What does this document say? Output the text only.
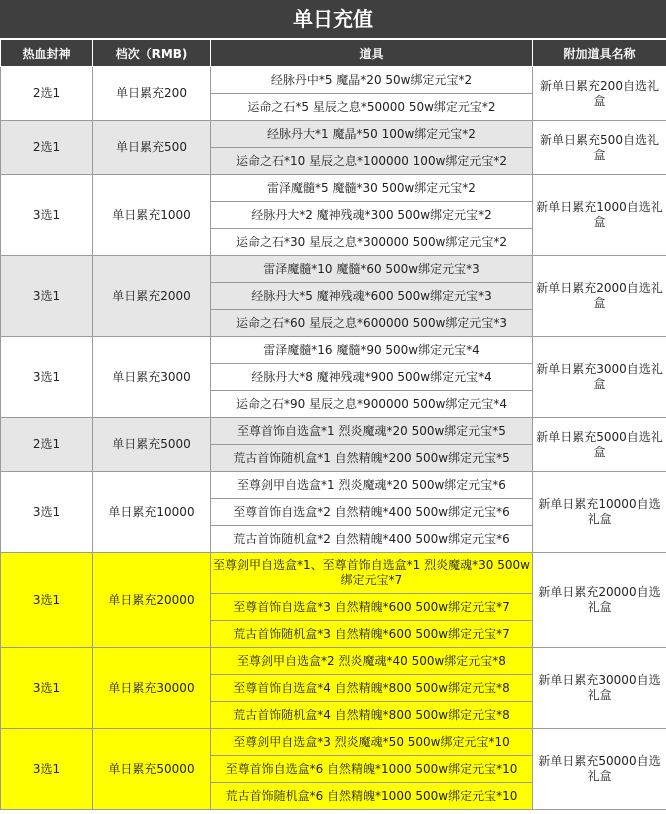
单日充值
热血封神	档次（RMB)	道具	附加道具名称
2选1	单日累充200	经脉丹中*5 魔晶*20 50w绑定元宝*2	新单日累充200自选礼盒
		运命之石*5 星辰之息*50000 50w绑定元宝*2	
2选1	单日累充500	经脉丹大*1 魔晶*50 100w绑定元宝*2	新单日累充500自选礼盒
		运命之石*10 星辰之息*100000 100w绑定元宝*2	
3选1	单日累充1000	雷泽魔髓*5 魔髓*30 500w绑定元宝*2	新单日累充1000自选礼盒
		经脉丹大*2 魔神残魂*300 500w绑定元宝*2	
		运命之石*30 星辰之息*300000 500w绑定元宝*2	
3选1	单日累充2000	雷泽魔髓*10 魔髓*60 500w绑定元宝*3	新单日累充2000自选礼盒
		经脉丹大*5 魔神残魂*600 500w绑定元宝*3	
		运命之石*60 星辰之息*600000 500w绑定元宝*3	
3选1	单日累充3000	雷泽魔髓*16 魔髓*90 500w绑定元宝*4	新单日累充3000自选礼盒
		经脉丹大*8 魔神残魂*900 500w绑定元宝*4	
		运命之石*90 星辰之息*900000 500w绑定元宝*4	
2选1	单日累充5000	至尊首饰自选盒*1 烈炎魔魂*20 500w绑定元宝*5	新单日累充5000自选礼盒
		荒古首饰随机盒*1 自然精魄*200 500w绑定元宝*5	
3选1	单日累充10000	至尊剑甲自选盒*1 烈炎魔魂*20 500w绑定元宝*6	新单日累充10000自选礼盒
		至尊首饰自选盒*2 自然精魄*400 500w绑定元宝*6	
		荒古首饰随机盒*2 自然精魄*400 500w绑定元宝*6	
3选1	单日累充20000	至尊剑甲自选盒*1、至尊首饰自选盒*1 烈炎魔魂*30 500w绑定元宝*7	新单日累充20000自选礼盒
		至尊首饰自选盒*3 自然精魄*600 500w绑定元宝*7	
		荒古首饰随机盒*3 自然精魄*600 500w绑定元宝*7	
3选1	单日累充30000	至尊剑甲自选盒*2 烈炎魔魂*40 500w绑定元宝*8	新单日累充30000自选礼盒
		至尊首饰自选盒*4 自然精魄*800 500w绑定元宝*8	
		荒古首饰随机盒*4 自然精魄*800 500w绑定元宝*8	
3选1	单日累充50000	至尊剑甲自选盒*3 烈炎魔魂*50 500w绑定元宝*10	新单日累充50000自选礼盒
		至尊首饰自选盒*6 自然精魄*1000 500w绑定元宝*10	
		荒古首饰随机盒*6 自然精魄*1000 500w绑定元宝*10	
